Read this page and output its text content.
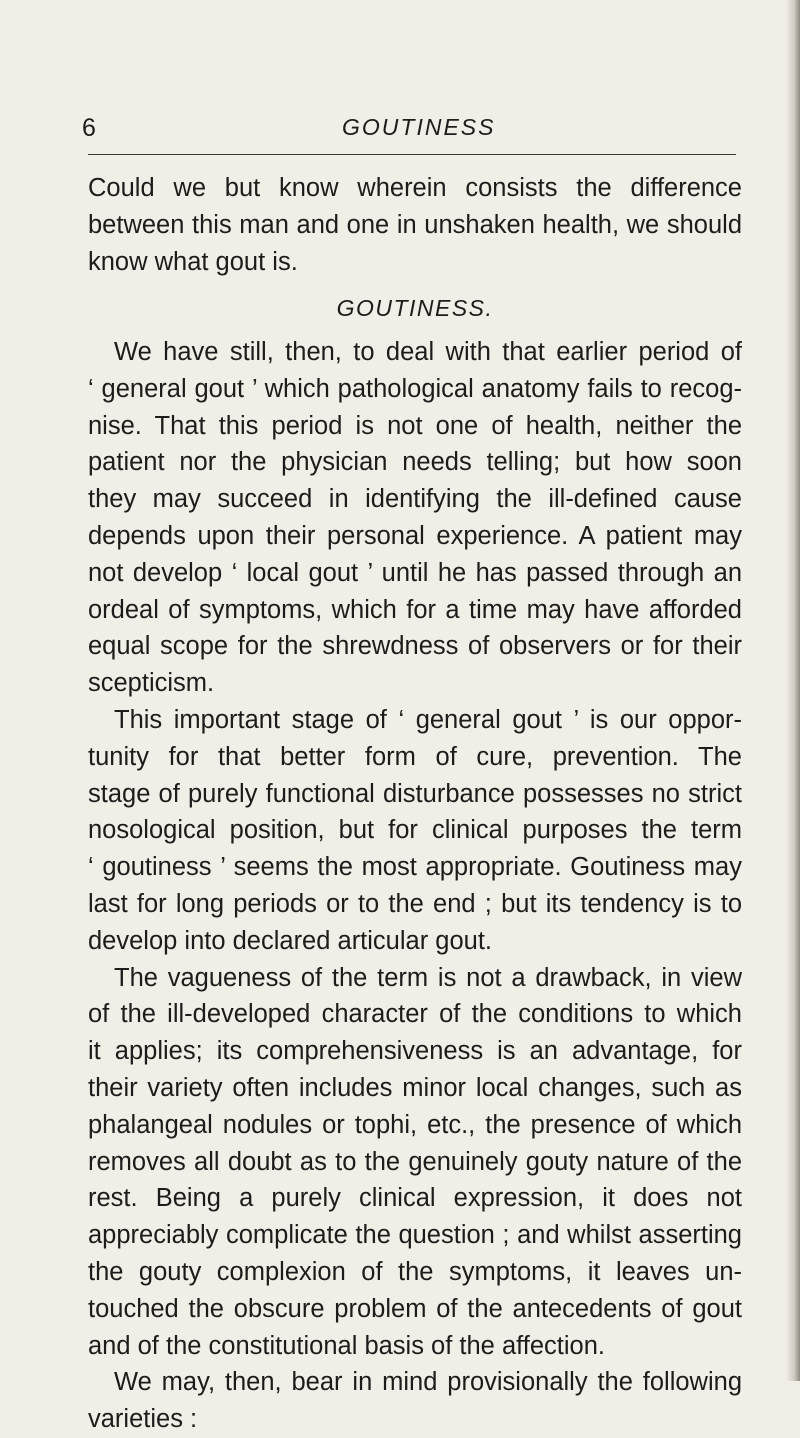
6	GOUTINESS
Could we but know wherein consists the difference
between this man and one in unshaken health, we should
know what gout is.
GOUTINESS.
We have still, then, to deal with that earlier period of
‘ general gout ’ which pathological anatomy fails to recog-
nise. That this period is not one of health, neither the
patient nor the physician needs telling; but how soon
they may succeed in identifying the ill-defined cause
depends upon their personal experience. A patient may
not develop ‘ local gout ’ until he has passed through an
ordeal of symptoms, which for a time may have afforded
equal scope for the shrewdness of observers or for their
scepticism.
This important stage of ‘ general gout ’ is our oppor-
tunity for that better form of cure, prevention. The
stage of purely functional disturbance possesses no strict
nosological position, but for clinical purposes the term
‘ goutiness ’ seems the most appropriate. Goutiness may
last for long periods or to the end ; but its tendency is to
develop into declared articular gout.
The vagueness of the term is not a drawback, in view
of the ill-developed character of the conditions to which
it applies; its comprehensiveness is an advantage, for
their variety often includes minor local changes, such as
phalangeal nodules or tophi, etc., the presence of which
removes all doubt as to the genuinely gouty nature of the
rest. Being a purely clinical expression, it does not
appreciably complicate the question ; and whilst asserting
the gouty complexion of the symptoms, it leaves un-
touched the obscure problem of the antecedents of gout
and of the constitutional basis of the affection.
We may, then, bear in mind provisionally the following
varieties :
